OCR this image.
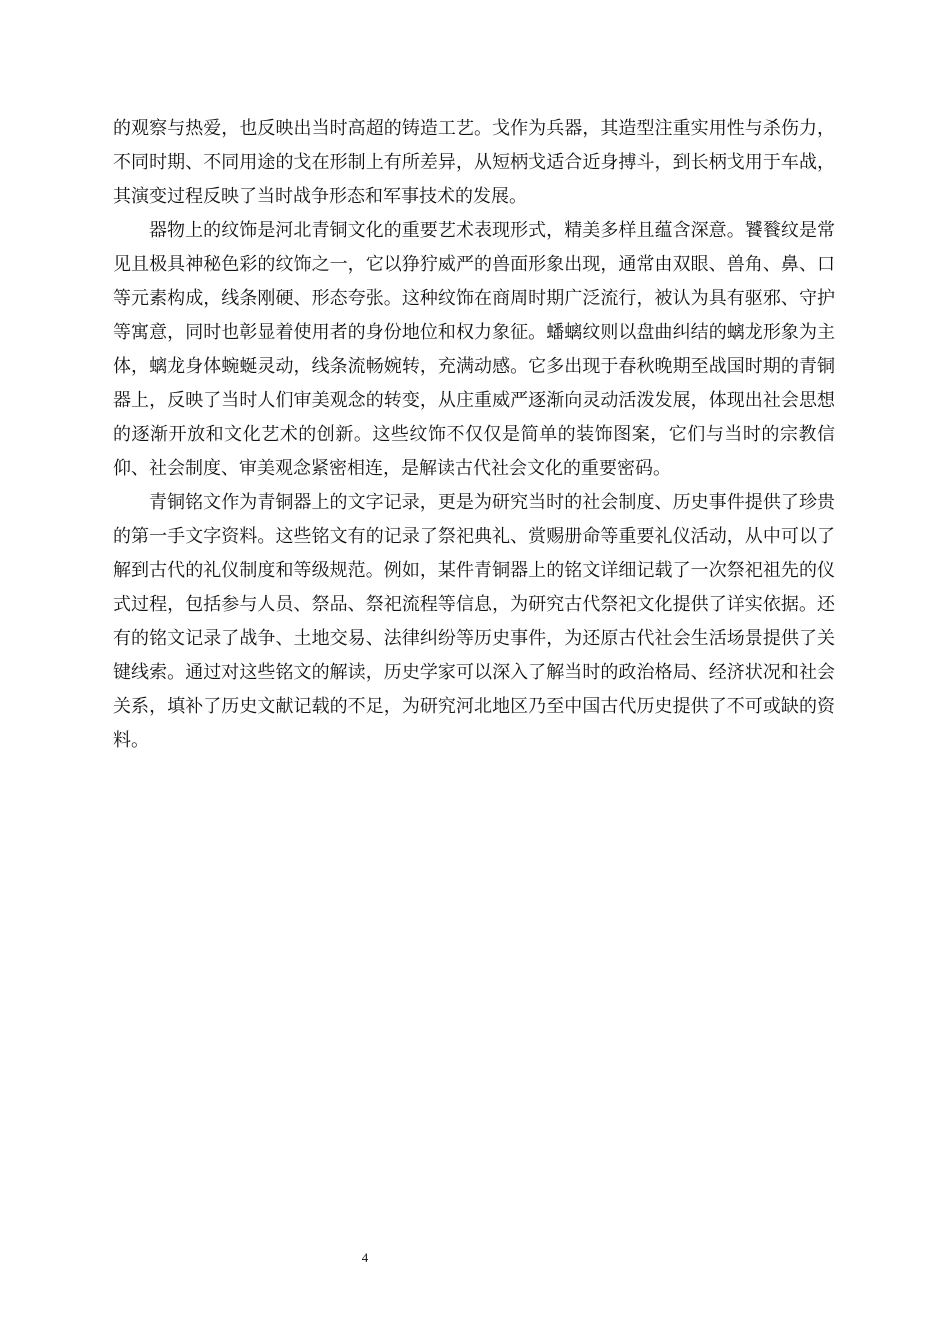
的观察与热爱，也反映出当时高超的铸造工艺。戈作为兵器，其造型注重实用性与杀伤力，不同时期、不同用途的戈在形制上有所差异，从短柄戈适合近身搏斗，到长柄戈用于车战，其演变过程反映了当时战争形态和军事技术的发展。

器物上的纹饰是河北青铜文化的重要艺术表现形式，精美多样且蕴含深意。饕餮纹是常见且极具神秘色彩的纹饰之一，它以狰狞威严的兽面形象出现，通常由双眼、兽角、鼻、口等元素构成，线条刚硬、形态夸张。这种纹饰在商周时期广泛流行，被认为具有驱邪、守护等寓意，同时也彰显着使用者的身份地位和权力象征。蟠螭纹则以盘曲纠结的螭龙形象为主体，螭龙身体蜿蜒灵动，线条流畅婉转，充满动感。它多出现于春秋晚期至战国时期的青铜器上，反映了当时人们审美观念的转变，从庄重威严逐渐向灵动活泼发展，体现出社会思想的逐渐开放和文化艺术的创新。这些纹饰不仅仅是简单的装饰图案，它们与当时的宗教信仰、社会制度、审美观念紧密相连，是解读古代社会文化的重要密码。

青铜铭文作为青铜器上的文字记录，更是为研究当时的社会制度、历史事件提供了珍贵的第一手文字资料。这些铭文有的记录了祭祀典礼、赏赐册命等重要礼仪活动，从中可以了解到古代的礼仪制度和等级规范。例如，某件青铜器上的铭文详细记载了一次祭祀祖先的仪式过程，包括参与人员、祭品、祭祀流程等信息，为研究古代祭祀文化提供了详实依据。还有的铭文记录了战争、土地交易、法律纠纷等历史事件，为还原古代社会生活场景提供了关键线索。通过对这些铭文的解读，历史学家可以深入了解当时的政治格局、经济状况和社会关系，填补了历史文献记载的不足，为研究河北地区乃至中国古代历史提供了不可或缺的资料。

4
